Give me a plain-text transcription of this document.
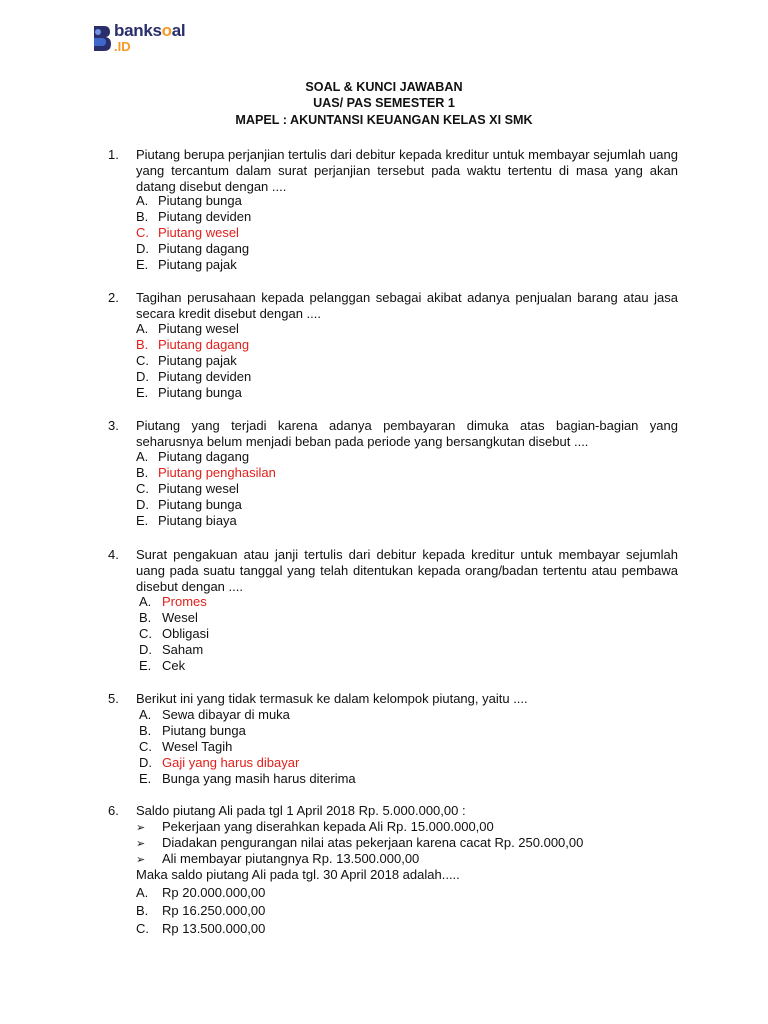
banksoal
.ID
SOAL & KUNCI JAWABAN
UAS/ PAS SEMESTER 1
MAPEL : AKUNTANSI KEUANGAN KELAS XI SMK
1. Piutang berupa perjanjian tertulis dari debitur kepada kreditur untuk membayar sejumlah uang yang tercantum dalam surat perjanjian tersebut pada waktu tertentu di masa yang akan datang disebut dengan ....
A. Piutang bunga
B. Piutang deviden
C. Piutang wesel
D. Piutang dagang
E. Piutang pajak
2. Tagihan perusahaan kepada pelanggan sebagai akibat adanya penjualan barang atau jasa secara kredit disebut dengan ....
A. Piutang wesel
B. Piutang dagang
C. Piutang pajak
D. Piutang deviden
E. Piutang bunga
3. Piutang yang terjadi karena adanya pembayaran dimuka atas bagian-bagian yang seharusnya belum menjadi beban pada periode yang bersangkutan disebut ....
A. Piutang dagang
B. Piutang penghasilan
C. Piutang wesel
D. Piutang bunga
E. Piutang biaya
4. Surat pengakuan atau janji tertulis dari debitur kepada kreditur untuk membayar sejumlah uang pada suatu tanggal yang telah ditentukan kepada orang/badan tertentu atau pembawa disebut dengan ....
A. Promes
B. Wesel
C. Obligasi
D. Saham
E. Cek
5. Berikut ini yang tidak termasuk ke dalam kelompok piutang, yaitu ....
A. Sewa dibayar di muka
B. Piutang bunga
C. Wesel Tagih
D. Gaji yang harus dibayar
E. Bunga yang masih harus diterima
6. Saldo piutang Ali pada tgl 1 April 2018 Rp. 5.000.000,00 :
➢ Pekerjaan yang diserahkan kepada Ali Rp. 15.000.000,00
➢ Diadakan pengurangan nilai atas pekerjaan karena cacat Rp. 250.000,00
➢ Ali membayar piutangnya Rp. 13.500.000,00
Maka saldo piutang Ali pada tgl. 30 April 2018 adalah.....
A. Rp 20.000.000,00
B. Rp 16.250.000,00
C. Rp 13.500.000,00
